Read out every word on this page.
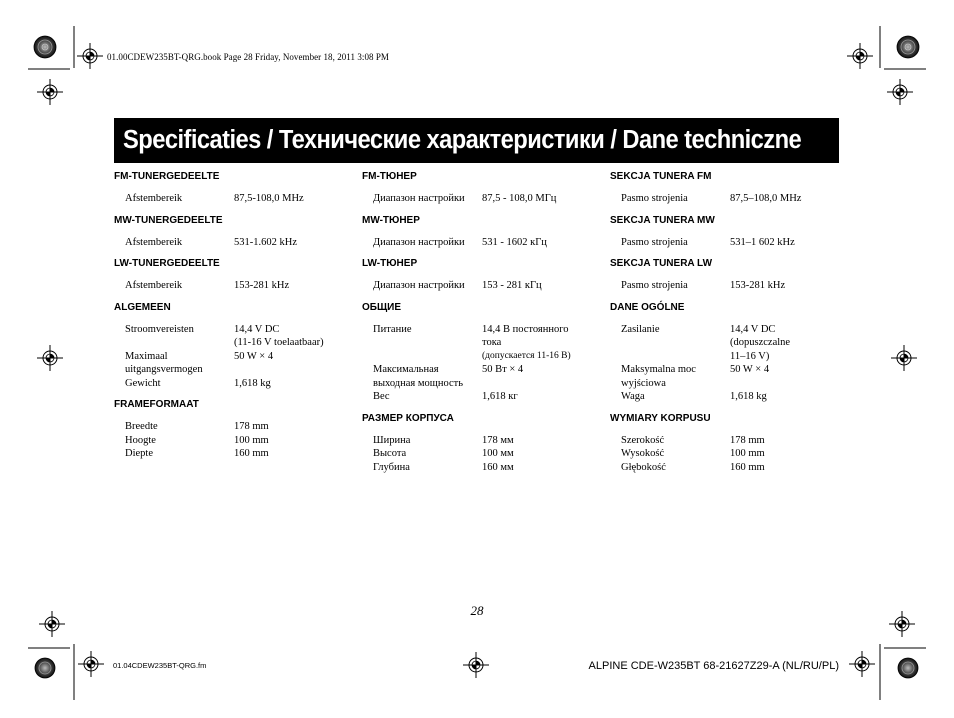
01.00CDEW235BT-QRG.book Page 28 Friday, November 18, 2011 3:08 PM
Specificaties / Технические характеристики / Dane techniczne
FM-TUNERGEDEELTE
Afstembereik	87,5-108,0 MHz
MW-TUNERGEDEELTE
Afstembereik	531-1.602 kHz
LW-TUNERGEDEELTE
Afstembereik	153-281 kHz
ALGEMEEN
Stroomvereisten	14,4 V DC
(11-16 V toelaatbaar)
Maximaal
uitgangsvermogen
50 W × 4
Gewicht	1,618 kg
FRAMEFORMAAT
Breedte	178 mm
Hoogte	100 mm
Diepte	160 mm
FM-ТЮНЕР
Диапазон настройки	87,5 - 108,0 МГц
MW-ТЮНЕР
Диапазон настройки	531 - 1602 кГц
LW-ТЮНЕР
Диапазон настройки	153 - 281 кГц
ОБЩИЕ
Питание	14,4 В постоянного
тока
(допускается 11-16 В)
Максимальная
выходная мощность
50 Вт × 4
Вес	1,618 кг
РАЗМЕР КОРПУСА
Ширина	178 мм
Высота	100 мм
Глубина	160 мм
SEKCJA TUNERA FM
Pasmo strojenia	87,5–108,0 MHz
SEKCJA TUNERA MW
Pasmo strojenia	531–1 602 kHz
SEKCJA TUNERA LW
Pasmo strojenia	153-281 kHz
DANE OGÓLNE
Zasilanie	14,4 V DC
(dopuszczalne
11–16 V)
Maksymalna moc
wyjściowa
50 W × 4
Waga	1,618 kg
WYMIARY KORPUSU
Szerokość	178 mm
Wysokość	100 mm
Głębokość	160 mm
28
01.04CDEW235BT-QRG.fm	ALPINE CDE-W235BT 68-21627Z29-A (NL/RU/PL)
